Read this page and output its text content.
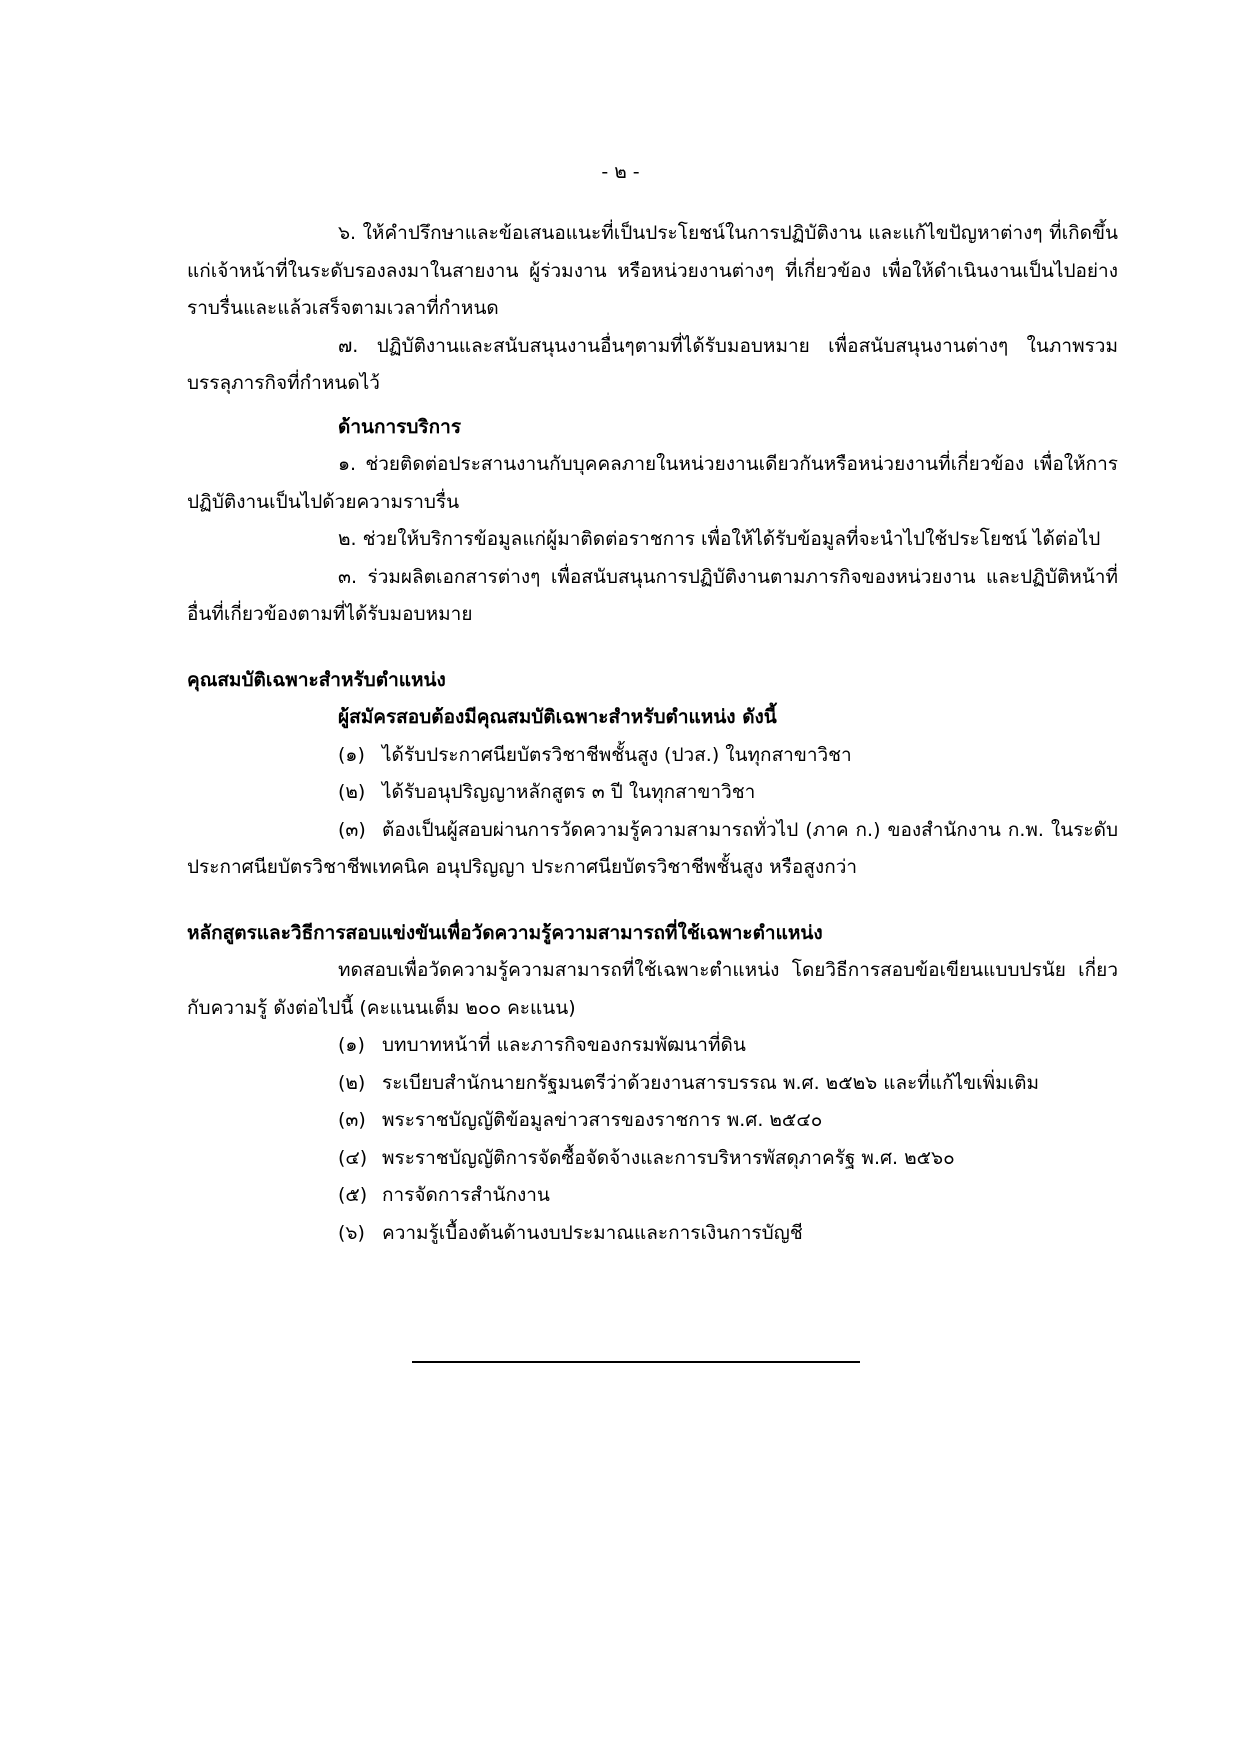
- ๒ -

๖. ให้คำปรึกษาและข้อเสนอแนะที่เป็นประโยชน์ในการปฏิบัติงาน และแก้ไขปัญหาต่างๆ ที่เกิดขึ้นแก่เจ้าหน้าที่ในระดับรองลงมาในสายงาน ผู้ร่วมงาน หรือหน่วยงานต่างๆ ที่เกี่ยวข้อง เพื่อให้ดำเนินงานเป็นไปอย่างราบรื่นและแล้วเสร็จตามเวลาที่กำหนด

๗. ปฏิบัติงานและสนับสนุนงานอื่นๆตามที่ได้รับมอบหมาย เพื่อสนับสนุนงานต่างๆ ในภาพรวมบรรลุภารกิจที่กำหนดไว้

ด้านการบริการ

๑. ช่วยติดต่อประสานงานกับบุคคลภายในหน่วยงานเดียวกันหรือหน่วยงานที่เกี่ยวข้อง เพื่อให้การปฏิบัติงานเป็นไปด้วยความราบรื่น

๒. ช่วยให้บริการข้อมูลแก่ผู้มาติดต่อราชการ เพื่อให้ได้รับข้อมูลที่จะนำไปใช้ประโยชน์ ได้ต่อไป

๓. ร่วมผลิตเอกสารต่างๆ เพื่อสนับสนุนการปฏิบัติงานตามภารกิจของหน่วยงาน และปฏิบัติหน้าที่อื่นที่เกี่ยวข้องตามที่ได้รับมอบหมาย

คุณสมบัติเฉพาะสำหรับตำแหน่ง

ผู้สมัครสอบต้องมีคุณสมบัติเฉพาะสำหรับตำแหน่ง ดังนี้

(๑) ได้รับประกาศนียบัตรวิชาชีพชั้นสูง (ปวส.) ในทุกสาขาวิชา

(๒) ได้รับอนุปริญญาหลักสูตร ๓ ปี ในทุกสาขาวิชา

(๓) ต้องเป็นผู้สอบผ่านการวัดความรู้ความสามารถทั่วไป (ภาค ก.) ของสำนักงาน ก.พ. ในระดับประกาศนียบัตรวิชาชีพเทคนิค อนุปริญญา ประกาศนียบัตรวิชาชีพชั้นสูง หรือสูงกว่า

หลักสูตรและวิธีการสอบแข่งขันเพื่อวัดความรู้ความสามารถที่ใช้เฉพาะตำแหน่ง

ทดสอบเพื่อวัดความรู้ความสามารถที่ใช้เฉพาะตำแหน่ง โดยวิธีการสอบข้อเขียนแบบปรนัย เกี่ยวกับความรู้ ดังต่อไปนี้ (คะแนนเต็ม ๒๐๐ คะแนน)

(๑) บทบาทหน้าที่ และภารกิจของกรมพัฒนาที่ดิน

(๒) ระเบียบสำนักนายกรัฐมนตรีว่าด้วยงานสารบรรณ พ.ศ. ๒๕๒๖ และที่แก้ไขเพิ่มเติม

(๓) พระราชบัญญัติข้อมูลข่าวสารของราชการ พ.ศ. ๒๕๔๐

(๔) พระราชบัญญัติการจัดซื้อจัดจ้างและการบริหารพัสดุภาครัฐ พ.ศ. ๒๕๖๐

(๕) การจัดการสำนักงาน

(๖) ความรู้เบื้องต้นด้านงบประมาณและการเงินการบัญชี
